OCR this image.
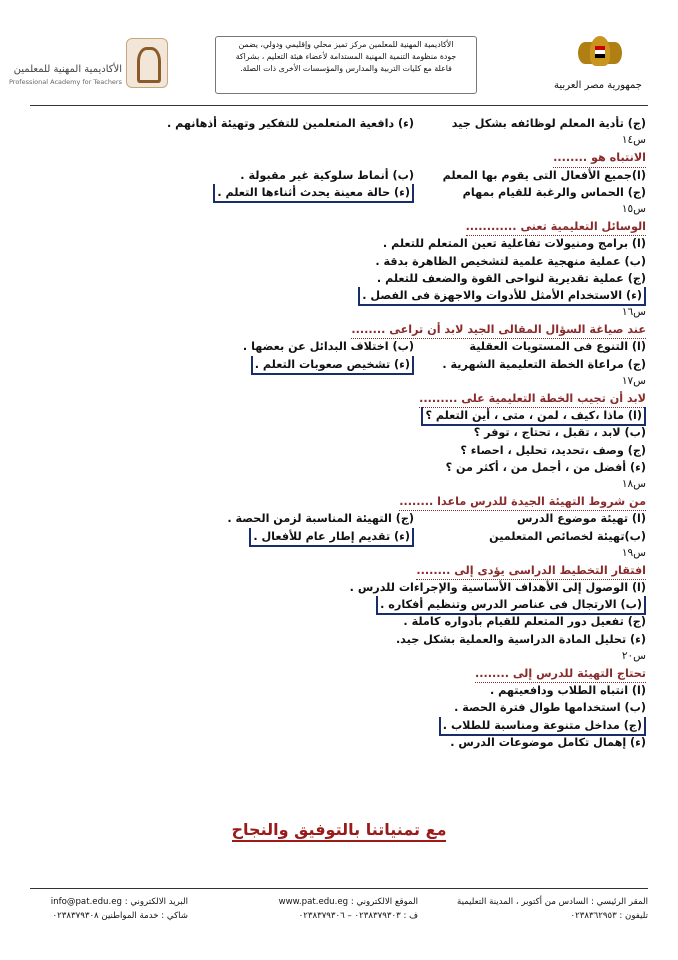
الأكاديمية المهنية للمعلمين
Professional Academy for Teachers
الأكاديمية المهنية للمعلمين مركز تميز محلي وإقليمي ودولي، يضمن
جودة منظومة التنمية المهنية المستدامة لأعضاء هيئة التعليم ، بشراكة
فاعلة مع كليات التربية والمدارس والمؤسسات الأخرى ذات الصلة.
جمهورية مصر العربية
(ج) تأدية المعلم لوظائفه بشكل جيد
(ء) دافعية المتعلمين للتفكير وتهيئة أذهانهم .
س١٤
الانتباه هو ........
(ا)جميع الأفعال التى يقوم بها المعلم
(ب) أنماط سلوكية غير مقبولة .
(ج) الحماس والرغبة للقيام بمهام
(ء) حالة معينة يحدث أثناءها التعلم .
س١٥
الوسائل التعليمية تعنى ............
(ا) برامج ومنيولات تفاعلية تعين المتعلم للتعلم .
(ب) عملية منهجية علمية لتشخيص الظاهرة بدقة .
(ج) عملية تقديرية لنواحى القوة والضعف للتعلم .
(ء) الاستخدام الأمثل للأدوات والاجهزة فى الفصل .
س١٦
عند صياغة السؤال المقالى الجيد لابد أن تراعى ........
(ا) التنوع فى المستويات العقلية
(ب) اختلاف البدائل عن بعضها .
(ج) مراعاة الخطة التعليمية الشهرية .
(ء) تشخيص صعوبات التعلم .
س١٧
لابد أن تجيب الخطة التعليمية على .........
(ا) ماذا ،كيف ، لمن ، متى ، أين التعلم ؟
(ب) لابد ، تقبل ، تحتاج ، توفر ؟
(ج) وصف ،تحديد، تحليل ، احصاء ؟
(ء) أفضل من ، أجمل من ، أكثر من ؟
س١٨
من شروط التهيئة الجيدة للدرس ماعدا ........
(ا) تهيئة موضوع الدرس
(ج) التهيئة المناسبة لزمن الحصة .
(ب)تهيئة لخصائص المتعلمين
(ء) تقديم إطار عام للأفعال .
س١٩
افتقار التخطيط الدراسى يؤدى إلى ........
(ا) الوصول إلى الأهداف الأساسية والإجراءات للدرس .
(ب) الارتجال فى عناصر الدرس وتنظيم أفكاره .
(ج) تفعيل دور المتعلم للقيام بأدواره كاملة .
(ء) تحليل المادة الدراسية والعملية بشكل جيد.
س٢٠
تحتاج التهيئة للدرس إلى ........
(ا) انتباه الطلاب ودافعيتهم .
(ب) استخدامها طوال فترة الحصة .
(ج) مداخل متنوعة ومناسبة للطلاب .
(ء) إهمال تكامل موضوعات الدرس .
مع تمنياتنا بالتوفيق والنجاح
المقر الرئيسي : السادس من أكتوبر ، المدينة التعليمية
تليفون : ٠٢٣٨٣٦٢٩٥٣
الموقع الالكتروني : www.pat.edu.eg
ف : ٠٢٣٨٣٧٩٣٠٣ – ٠٢٣٨٣٧٩٣٠٦
البريد الالكتروني : info@pat.edu.eg
شاكي : خدمة المواطنين ٠٢٣٨٣٧٩٣٠٨
